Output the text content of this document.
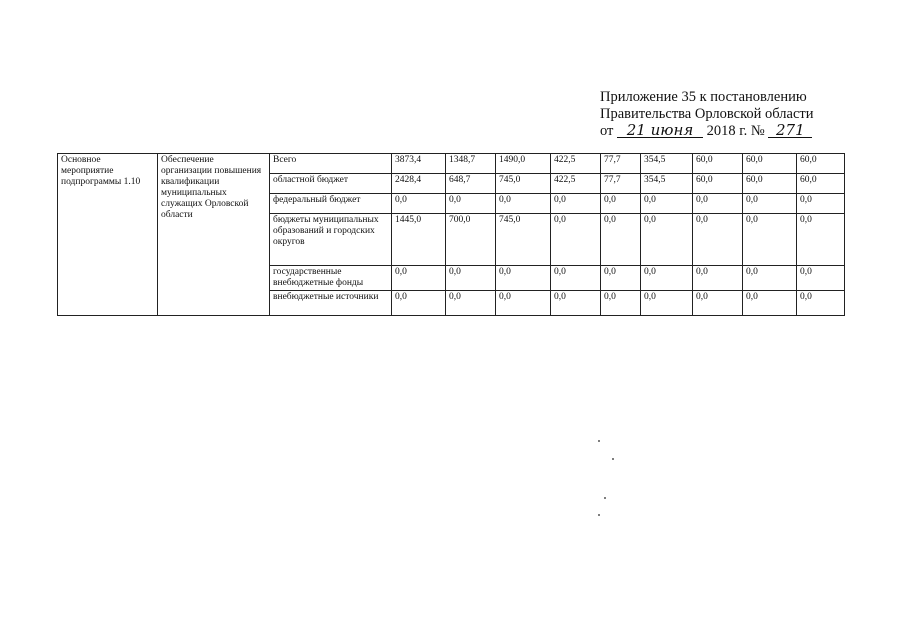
Приложение 35 к постановлению
Правительства Орловской области
от 21 июня 2018 г. № 271
Основное мероприятие подпрограммы 1.10	Обеспечение организации повышения квалификации муниципальных служащих Орловской области	Всего	3873,4	1348,7	1490,0	422,5	77,7	354,5	60,0	60,0	60,0
		областной бюджет	2428,4	648,7	745,0	422,5	77,7	354,5	60,0	60,0	60,0
		федеральный бюджет	0,0	0,0	0,0	0,0	0,0	0,0	0,0	0,0	0,0
		бюджеты муниципальных образований и городских округов	1445,0	700,0	745,0	0,0	0,0	0,0	0,0	0,0	0,0
		государственные внебюджетные фонды	0,0	0,0	0,0	0,0	0,0	0,0	0,0	0,0	0,0
		внебюджетные источники	0,0	0,0	0,0	0,0	0,0	0,0	0,0	0,0	0,0
